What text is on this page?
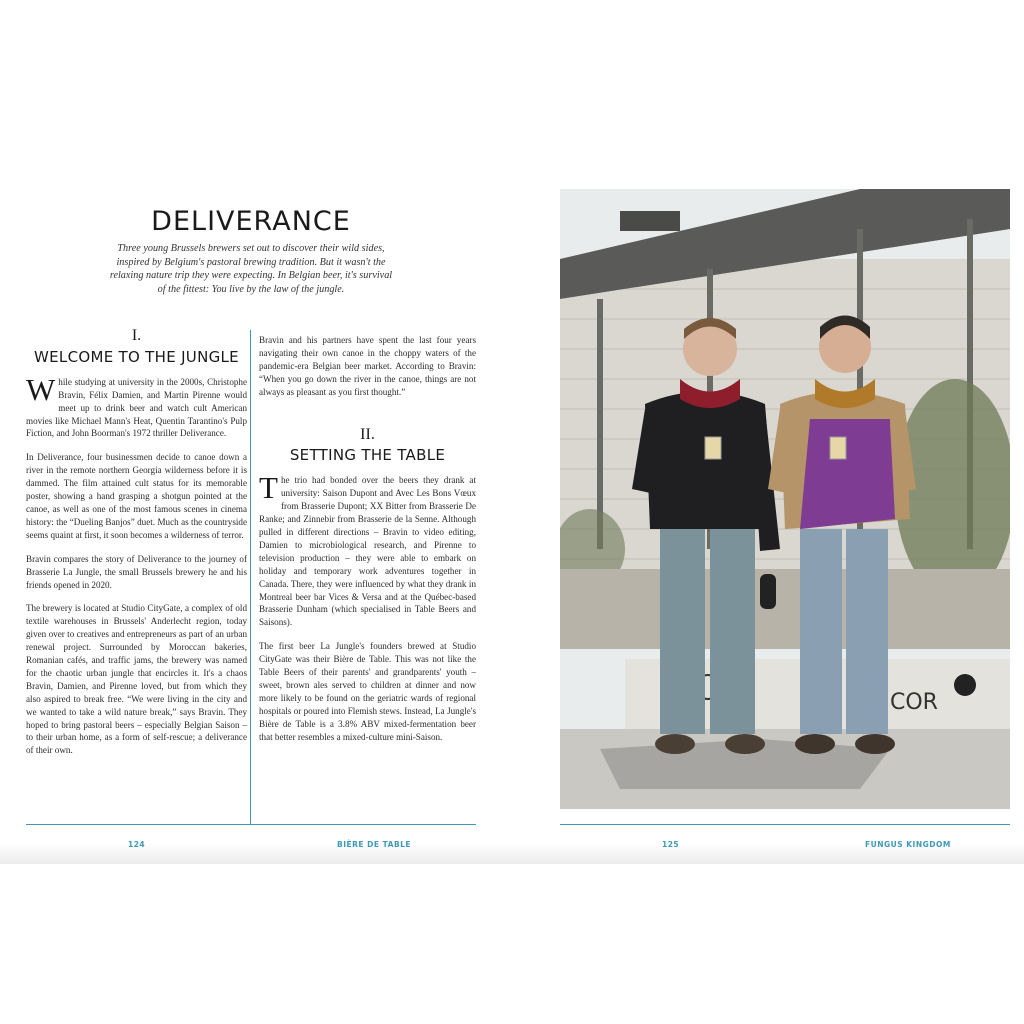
DELIVERANCE
Three young Brussels brewers set out to discover their wild sides, inspired by Belgium's pastoral brewing tradition. But it wasn't the relaxing nature trip they were expecting. In Belgian beer, it's survival of the fittest: You live by the law of the jungle.
I.
WELCOME TO THE JUNGLE

While studying at university in the 2000s, Christophe Bravin, Félix Damien, and Martin Pirenne would meet up to drink beer and watch cult American movies like Michael Mann's Heat, Quentin Tarantino's Pulp Fiction, and John Boorman's 1972 thriller Deliverance.

In Deliverance, four businessmen decide to canoe down a river in the remote northern Georgia wilderness before it is dammed. The film attained cult status for its memorable poster, showing a hand grasping a shotgun pointed at the canoe, as well as one of the most famous scenes in cinema history: the “Dueling Banjos” duet. Much as the countryside seems quaint at first, it soon becomes a wilderness of terror.

Bravin compares the story of Deliverance to the journey of Brasserie La Jungle, the small Brussels brewery he and his friends opened in 2020.

The brewery is located at Studio CityGate, a complex of old textile warehouses in Brussels' Anderlecht region, today given over to creatives and entrepreneurs as part of an urban renewal project. Surrounded by Moroccan bakeries, Romanian cafés, and traffic jams, the brewery was named for the chaotic urban jungle that encircles it. It's a chaos Bravin, Damien, and Pirenne loved, but from which they also aspired to break free. “We were living in the city and we wanted to take a wild nature break,” says Bravin. They hoped to bring pastoral beers – especially Belgian Saison – to their urban home, as a form of self-rescue; a deliverance of their own.

Bravin and his partners have spent the last four years navigating their own canoe in the choppy waters of the pandemic-era Belgian beer market. According to Bravin: “When you go down the river in the canoe, things are not always as pleasant as you first thought.”

II.
SETTING THE TABLE

The trio had bonded over the beers they drank at university: Saison Dupont and Avec Les Bons Vœux from Brasserie Dupont; XX Bitter from Brasserie De Ranke; and Zinnebir from Brasserie de la Senne. Although pulled in different directions – Bravin to video editing, Damien to microbiological research, and Pirenne to television production – they were able to embark on holiday and temporary work adventures together in Canada. There, they were influenced by what they drank in Montreal beer bar Vices & Versa and at the Québec-based Brasserie Dunham (which specialised in Table Beers and Saisons).

The first beer La Jungle's founders brewed at Studio CityGate was their Bière de Table. This was not like the Table Beers of their parents' and grandparents' youth – sweet, brown ales served to children at dinner and now more likely to be found on the geriatric wards of regional hospitals or poured into Flemish stews. Instead, La Jungle's Bière de Table is a 3.8% ABV mixed-fermentation beer that better resembles a mixed-culture mini-Saison.

124	BIÈRE DE TABLE	125	FUNGUS KINGDOM
COR
